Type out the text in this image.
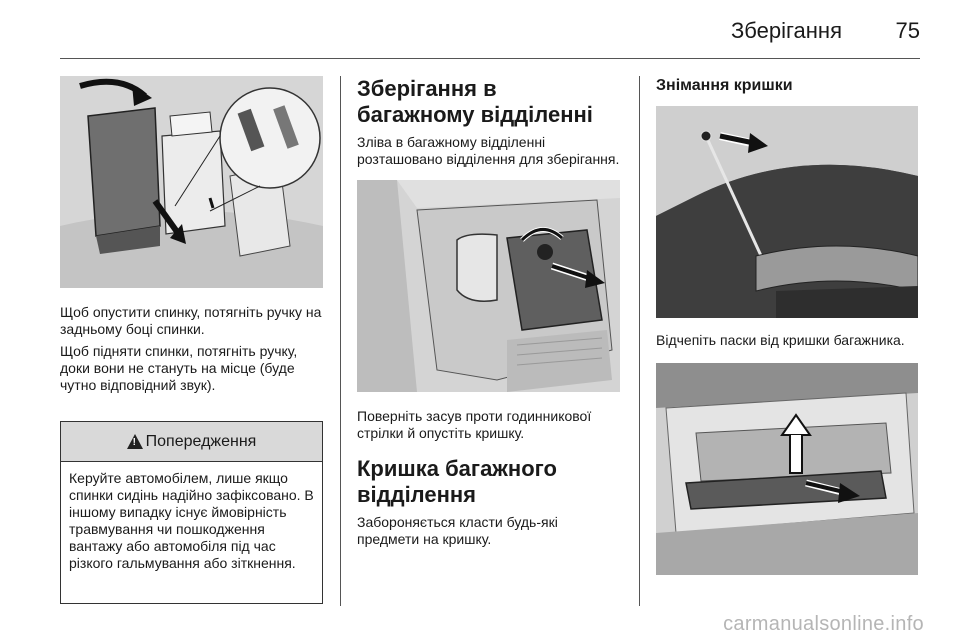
Зберігання 75

Щоб опустити спинку, потягніть ручку на задньому боці спинки.

Щоб підняти спинки, потягніть ручку, доки вони не стануть на місце (буде чутно відповідний звук).

!
Попередження
Керуйте автомобілем, лише якщо спинки сидінь надійно зафіксовано. В іншому випадку існує ймовірність травмування чи пошкодження вантажу або автомобіля під час різкого гальмування або зіткнення.
Зберігання в багажному відділенні

Зліва в багажному відділенні розташовано відділення для зберігання.

Поверніть засув проти годинникової стрілки й опустіть кришку.

Кришка багажного відділення

Забороняється класти будь-які предмети на кришку.

Знімання кришки

Відчепіть паски від кришки багажника.

carmanualsonline.info
